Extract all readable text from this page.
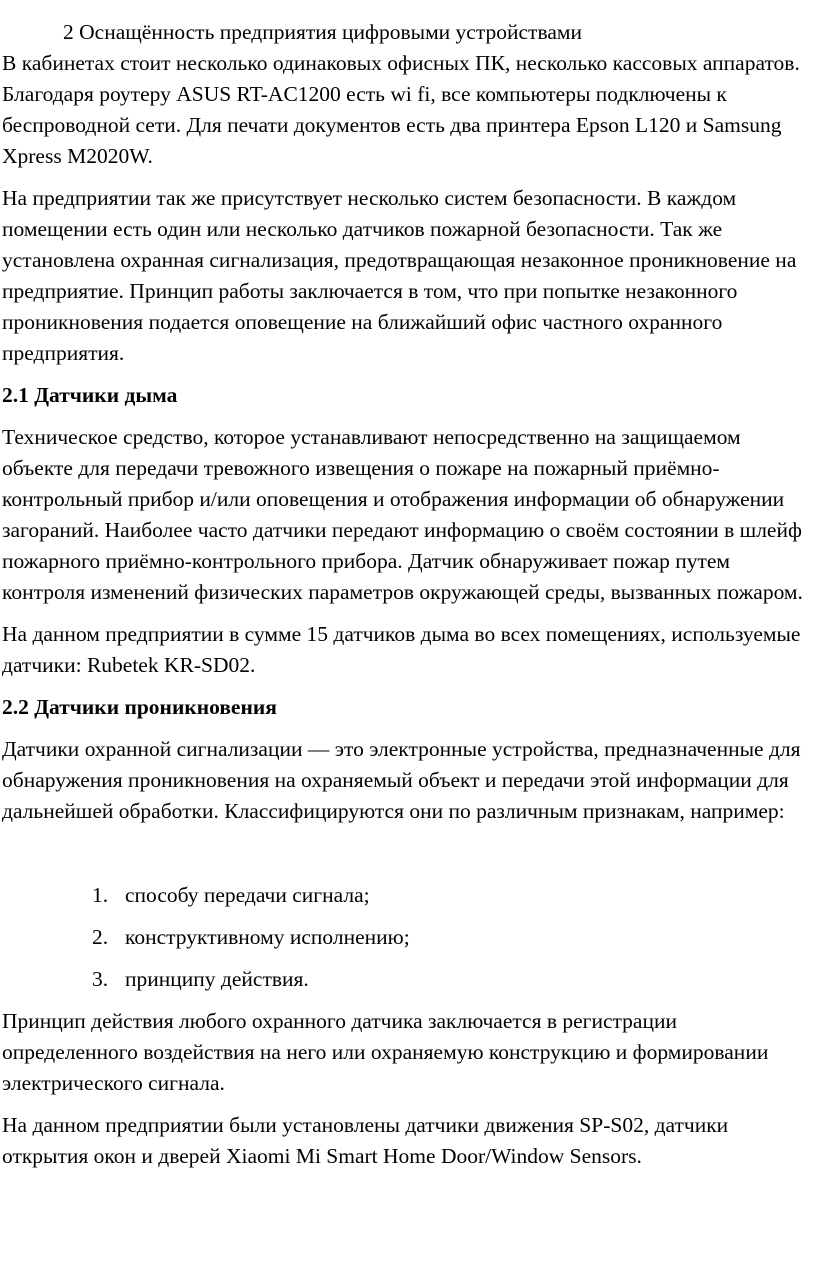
2 Оснащённость предприятия цифровыми устройствами

В кабинетах стоит несколько одинаковых офисных ПК, несколько кассовых аппаратов. Благодаря роутеру ASUS RT-AC1200 есть wi fi, все компьютеры подключены к беспроводной сети. Для печати документов есть два принтера Epson L120 и Samsung Xpress M2020W.

На предприятии так же присутствует несколько систем безопасности. В каждом помещении есть один или несколько датчиков пожарной безопасности. Так же установлена охранная сигнализация, предотвращающая незаконное проникновение на предприятие. Принцип работы заключается в том, что при попытке незаконного проникновения подается оповещение на ближайший офис частного охранного предприятия.

2.1 Датчики дыма

Техническое средство, которое устанавливают непосредственно на защищаемом объекте для передачи тревожного извещения о пожаре на пожарный приёмно-контрольный прибор и/или оповещения и отображения информации об обнаружении загораний. Наиболее часто датчики передают информацию о своём состоянии в шлейф пожарного приёмно-контрольного прибора. Датчик обнаруживает пожар путем контроля изменений физических параметров окружающей среды, вызванных пожаром.

На данном предприятии в сумме 15 датчиков дыма во всех помещениях, используемые датчики: Rubetek KR-SD02.

2.2 Датчики проникновения

Датчики охранной сигнализации — это электронные устройства, предназначенные для обнаружения проникновения на охраняемый объект и передачи этой информации для дальнейшей обработки. Классифицируются они по различным признакам, например:

1. способу передачи сигнала;
2. конструктивному исполнению;
3. принципу действия.

Принцип действия любого охранного датчика заключается в регистрации определенного воздействия на него или охраняемую конструкцию и формировании электрического сигнала.

На данном предприятии были установлены датчики движения SP-S02, датчики открытия окон и дверей Xiaomi Mi Smart Home Door/Window Sensors.
